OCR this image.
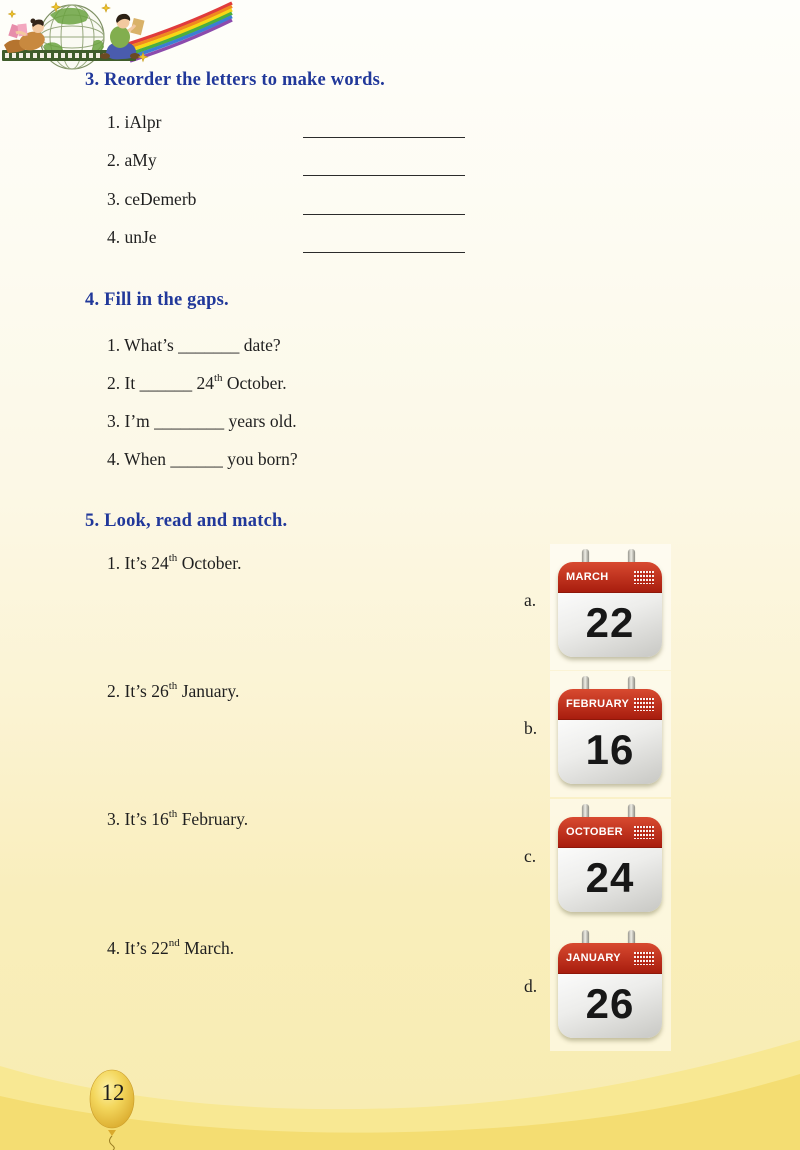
3. Reorder the letters to make words.
1. iAlpr
2. aMy
3. ceDemerb
4. unJe
4. Fill in the gaps.
1. What’s _______ date?
2. It ______ 24th October.
3. I’m ________ years old.
4. When ______ you born?
5. Look, read and match.
1. It’s 24th October.
2. It’s 26th January.
3. It’s 16th February.
4. It’s 22nd March.
a.
b.
c.
d.
MARCH
22
FEBRUARY
16
OCTOBER
24
JANUARY
26
12
